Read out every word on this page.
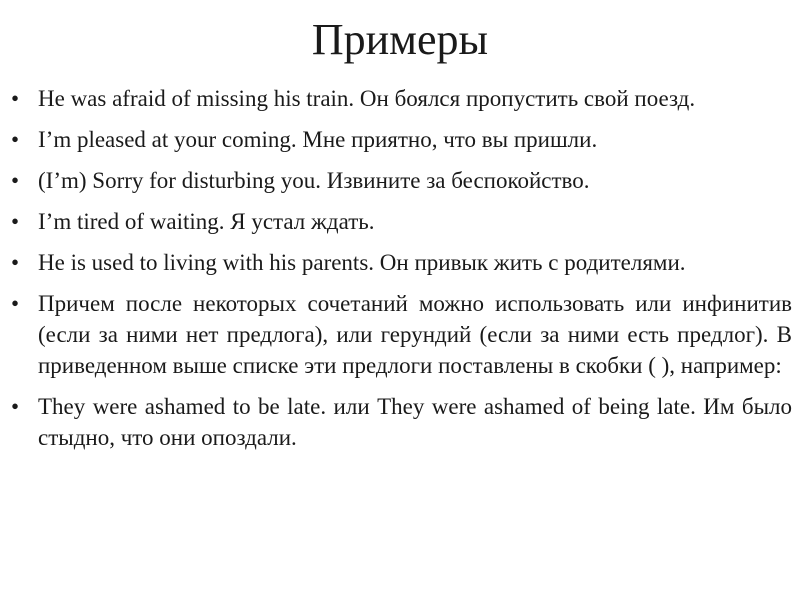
Примеры
• He was afraid of missing his train. Он боялся пропустить свой поезд.
• I’m pleased at your coming. Мне приятно, что вы пришли.
• (I’m) Sorry for disturbing you. Извините за беспокойство.
• I’m tired of waiting. Я устал ждать.
• He is used to living with his parents. Он привык жить с родителями.
• Причем после некоторых сочетаний можно использовать или инфинитив (если за ними нет предлога), или герундий (если за ними есть предлог). В приведенном выше списке эти предлоги поставлены в скобки ( ), например:
• They were ashamed to be late. или They were ashamed of being late. Им было стыдно, что они опоздали.
